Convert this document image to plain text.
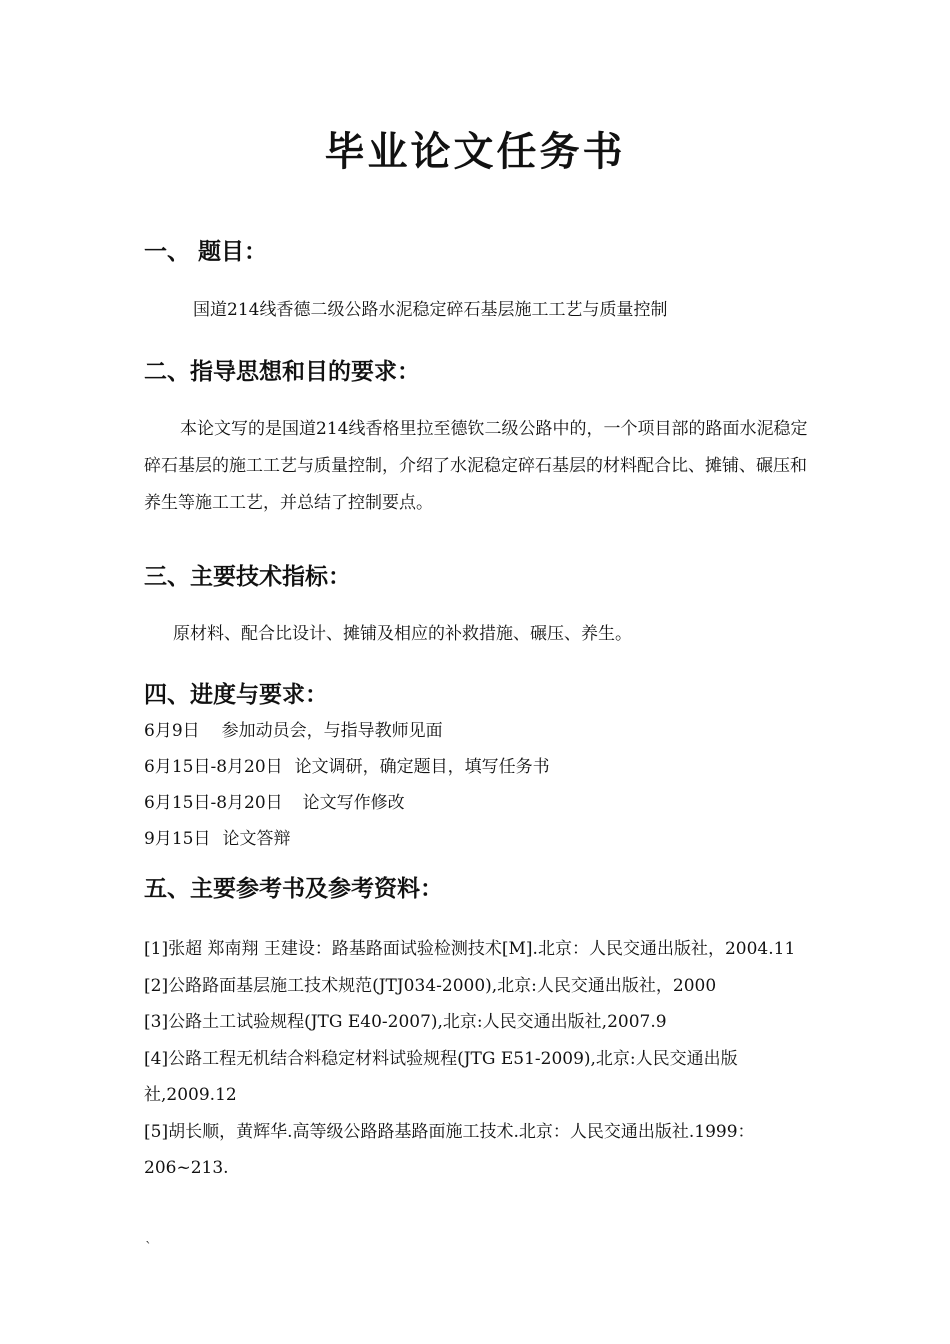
毕业论文任务书
一、 题目：
国道214线香德二级公路水泥稳定碎石基层施工工艺与质量控制
二、指导思想和目的要求：
本论文写的是国道214线香格里拉至德钦二级公路中的，一个项目部的路面水泥稳定碎石基层的施工工艺与质量控制，介绍了水泥稳定碎石基层的材料配合比、摊铺、碾压和养生等施工工艺，并总结了控制要点。
三、主要技术指标：
原材料、配合比设计、摊铺及相应的补救措施、碾压、养生。
四、进度与要求：
6月9日 参加动员会，与指导教师见面
6月15日-8月20日 论文调研，确定题目，填写任务书
6月15日-8月20日 论文写作修改
9月15日 论文答辩
五、主要参考书及参考资料：
[1]张超 郑南翔 王建设：路基路面试验检测技术[M].北京：人民交通出版社，2004.11
[2]公路路面基层施工技术规范(JTJ034-2000),北京:人民交通出版社，2000
[3]公路土工试验规程(JTG E40-2007),北京:人民交通出版社,2007.9
[4]公路工程无机结合料稳定材料试验规程(JTG E51-2009),北京:人民交通出版社,2009.12
[5]胡长顺，黄辉华.高等级公路路基路面施工技术.北京：人民交通出版社.1999：206~213.
`
